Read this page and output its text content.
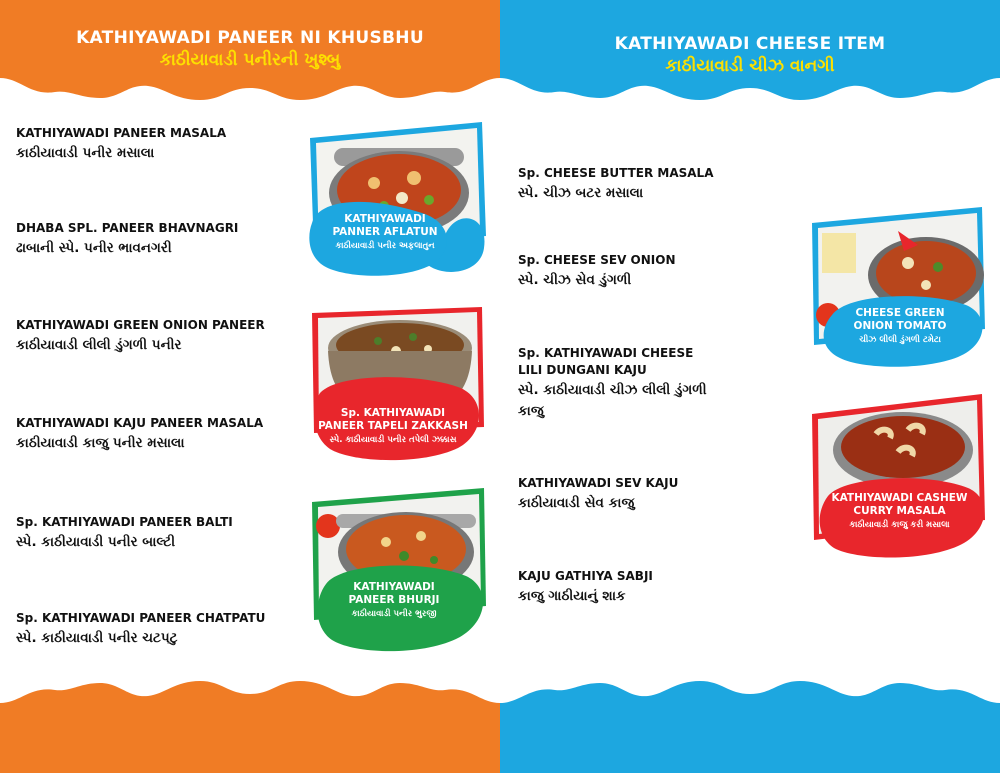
KATHIYAWADI PANEER NI KHUSBHU
કાઠીયાવાડી પનીરની ખુશ્બુ
KATHIYAWADI PANEER MASALA
કાઠીયાવાડી પનીર મસાલા
DHABA SPL. PANEER BHAVNAGRI
ઢાબાની સ્પે. પનીર ભાવનગરી
KATHIYAWADI GREEN ONION PANEER
કાઠીયાવાડી લીલી ડુંગળી પનીર
KATHIYAWADI KAJU PANEER MASALA
કાઠીયાવાડી કાજુ પનીર મસાલા
Sp. KATHIYAWADI PANEER BALTI
સ્પે. કાઠીયાવાડી પનીર બાલ્ટી
Sp. KATHIYAWADI PANEER CHATPATU
સ્પે. કાઠીયાવાડી પનીર ચટપટુ
KATHIYAWADI
PANNER AFLATUN
કાઠીયાવાડી પનીર અફલાતુન
Sp. KATHIYAWADI
PANEER TAPELI ZAKKASH
સ્પે. કાઠીયાવાડી પનીર તપેલી ઝક્કાસ
KATHIYAWADI
PANEER BHURJI
કાઠીયાવાડી પનીર ભુરજી
KATHIYAWADI CHEESE ITEM
કાઠીયાવાડી ચીઝ વાનગી
Sp. CHEESE BUTTER MASALA
સ્પે. ચીઝ બટર મસાલા
Sp. CHEESE SEV ONION
સ્પે. ચીઝ સેવ ડુંગળી
Sp. KATHIYAWADI CHEESE LILI DUNGANI KAJU
સ્પે. કાઠીયાવાડી ચીઝ લીલી ડુંગળી કાજુ
KATHIYAWADI SEV KAJU
કાઠીયાવાડી સેવ કાજુ
KAJU GATHIYA SABJI
કાજુ ગાઠીયાનું શાક
CHEESE GREEN
ONION TOMATO
ચીઝ લીલી ડુંગળી ટમેટા
KATHIYAWADI CASHEW
CURRY MASALA
કાઠીયાવાડી કાજુ કરી મસાલા
